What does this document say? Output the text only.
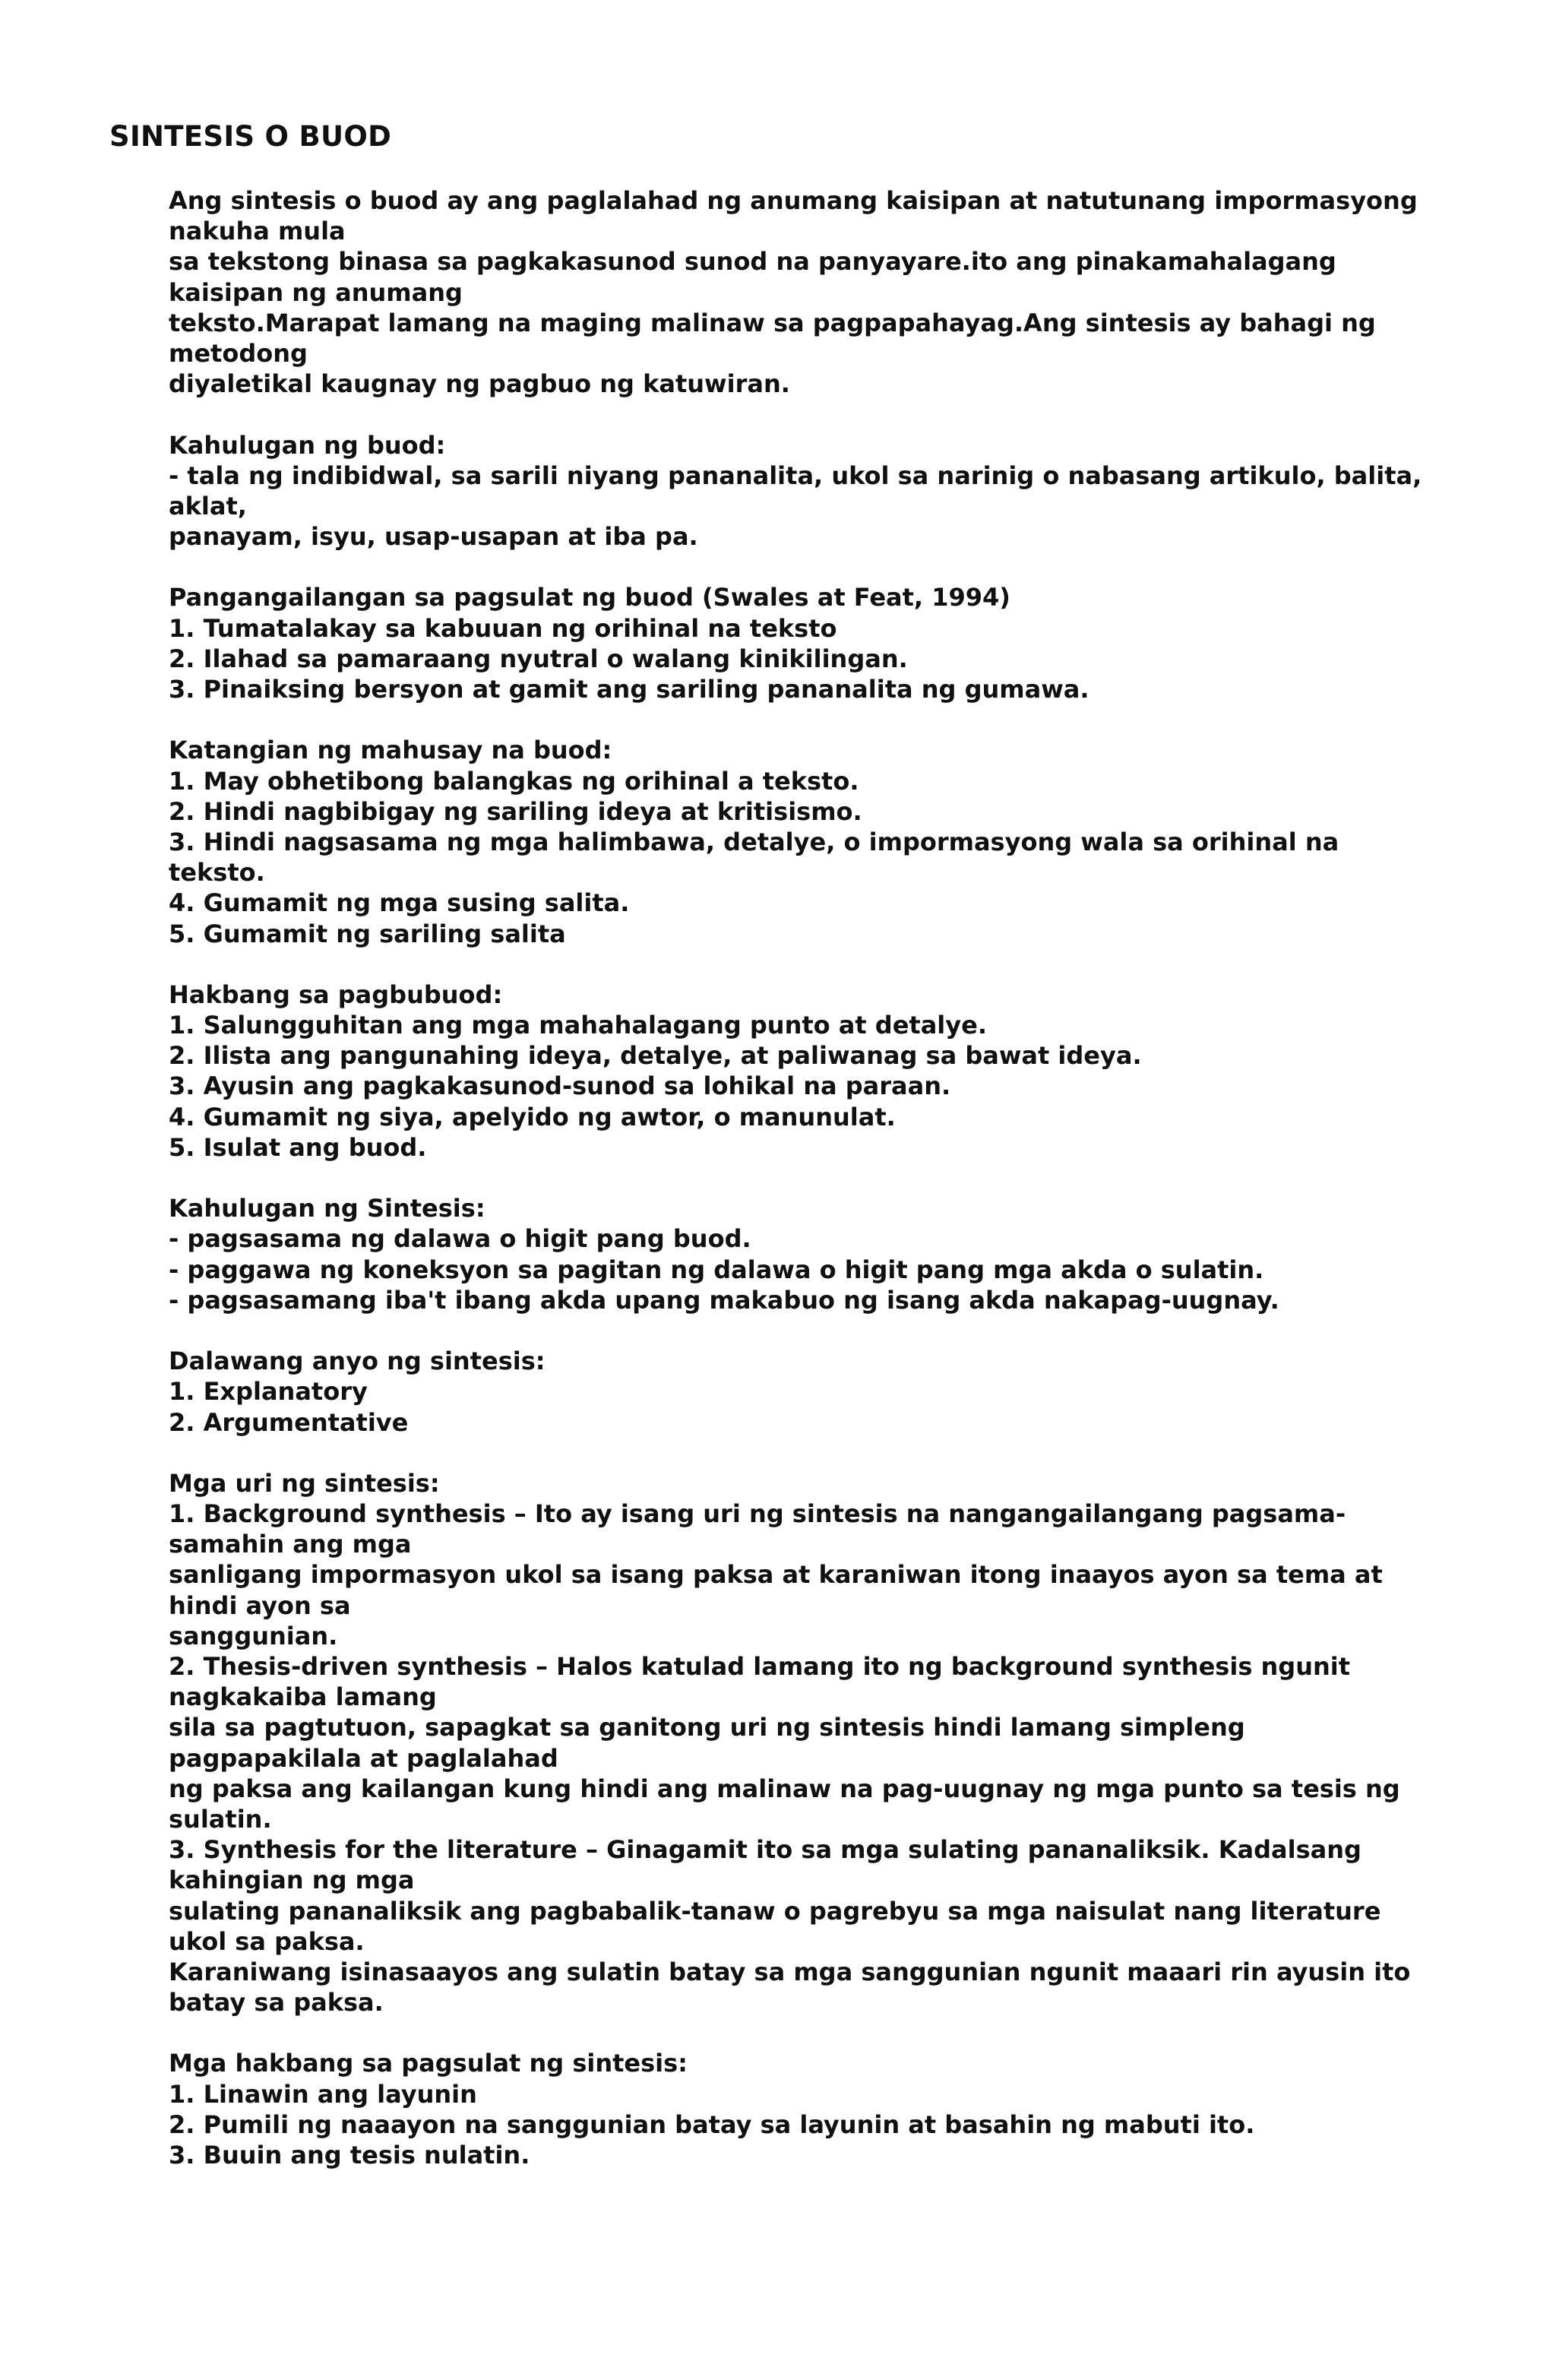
SINTESIS O BUOD
Ang sintesis o buod ay ang paglalahad ng anumang kaisipan at natutunang impormasyong
nakuha mula
sa tekstong binasa sa pagkakasunod sunod na panyayare.ito ang pinakamahalagang
kaisipan ng anumang
teksto.Marapat lamang na maging malinaw sa pagpapahayag.Ang sintesis ay bahagi ng
metodong
diyaletikal kaugnay ng pagbuo ng katuwiran.
Kahulugan ng buod:
- tala ng indibidwal, sa sarili niyang pananalita, ukol sa narinig o nabasang artikulo, balita,
aklat,
panayam, isyu, usap-usapan at iba pa.
Pangangailangan sa pagsulat ng buod (Swales at Feat, 1994)
1. Tumatalakay sa kabuuan ng orihinal na teksto
2. Ilahad sa pamaraang nyutral o walang kinikilingan.
3. Pinaiksing bersyon at gamit ang sariling pananalita ng gumawa.
Katangian ng mahusay na buod:
1. May obhetibong balangkas ng orihinal a teksto.
2. Hindi nagbibigay ng sariling ideya at kritisismo.
3. Hindi nagsasama ng mga halimbawa, detalye, o impormasyong wala sa orihinal na
teksto.
4. Gumamit ng mga susing salita.
5. Gumamit ng sariling salita
Hakbang sa pagbubuod:
1. Salungguhitan ang mga mahahalagang punto at detalye.
2. Ilista ang pangunahing ideya, detalye, at paliwanag sa bawat ideya.
3. Ayusin ang pagkakasunod-sunod sa lohikal na paraan.
4. Gumamit ng siya, apelyido ng awtor, o manunulat.
5. Isulat ang buod.
Kahulugan ng Sintesis:
- pagsasama ng dalawa o higit pang buod.
- paggawa ng koneksyon sa pagitan ng dalawa o higit pang mga akda o sulatin.
- pagsasamang iba't ibang akda upang makabuo ng isang akda nakapag-uugnay.
Dalawang anyo ng sintesis:
1. Explanatory
2. Argumentative
Mga uri ng sintesis:
1. Background synthesis – Ito ay isang uri ng sintesis na nangangailangang pagsama-
samahin ang mga
sanligang impormasyon ukol sa isang paksa at karaniwan itong inaayos ayon sa tema at
hindi ayon sa
sanggunian.
2. Thesis-driven synthesis – Halos katulad lamang ito ng background synthesis ngunit
nagkakaiba lamang
sila sa pagtutuon, sapagkat sa ganitong uri ng sintesis hindi lamang simpleng
pagpapakilala at paglalahad
ng paksa ang kailangan kung hindi ang malinaw na pag-uugnay ng mga punto sa tesis ng
sulatin.
3. Synthesis for the literature – Ginagamit ito sa mga sulating pananaliksik. Kadalsang
kahingian ng mga
sulating pananaliksik ang pagbabalik-tanaw o pagrebyu sa mga naisulat nang literature
ukol sa paksa.
Karaniwang isinasaayos ang sulatin batay sa mga sanggunian ngunit maaari rin ayusin ito
batay sa paksa.
Mga hakbang sa pagsulat ng sintesis:
1. Linawin ang layunin
2. Pumili ng naaayon na sanggunian batay sa layunin at basahin ng mabuti ito.
3. Buuin ang tesis nulatin.
